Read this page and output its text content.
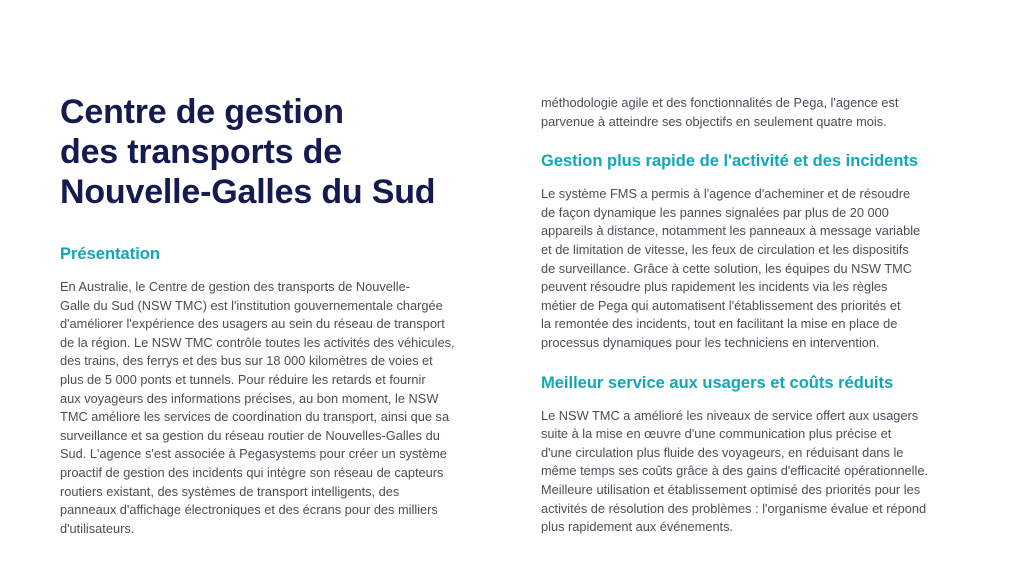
Centre de gestion
des transports de
Nouvelle-Galles du Sud
Présentation

En Australie, le Centre de gestion des transports de Nouvelle-
Galle du Sud (NSW TMC) est l'institution gouvernementale chargée
d'améliorer l'expérience des usagers au sein du réseau de transport
de la région. Le NSW TMC contrôle toutes les activités des véhicules,
des trains, des ferrys et des bus sur 18 000 kilomètres de voies et
plus de 5 000 ponts et tunnels. Pour réduire les retards et fournir
aux voyageurs des informations précises, au bon moment, le NSW
TMC améliore les services de coordination du transport, ainsi que sa
surveillance et sa gestion du réseau routier de Nouvelles-Galles du
Sud. L'agence s'est associée à Pegasystems pour créer un système
proactif de gestion des incidents qui intègre son réseau de capteurs
routiers existant, des systèmes de transport intelligents, des
panneaux d'affichage électroniques et des écrans pour des milliers
d'utilisateurs.

méthodologie agile et des fonctionnalités de Pega, l'agence est
parvenue à atteindre ses objectifs en seulement quatre mois.

Gestion plus rapide de l'activité et des incidents

Le système FMS a permis à l'agence d'acheminer et de résoudre
de façon dynamique les pannes signalées par plus de 20 000
appareils à distance, notamment les panneaux à message variable
et de limitation de vitesse, les feux de circulation et les dispositifs
de surveillance. Grâce à cette solution, les équipes du NSW TMC
peuvent résoudre plus rapidement les incidents via les règles
métier de Pega qui automatisent l'établissement des priorités et
la remontée des incidents, tout en facilitant la mise en place de
processus dynamiques pour les techniciens en intervention.

Meilleur service aux usagers et coûts réduits

Le NSW TMC a amélioré les niveaux de service offert aux usagers
suite à la mise en œuvre d'une communication plus précise et
d'une circulation plus fluide des voyageurs, en réduisant dans le
même temps ses coûts grâce à des gains d'efficacité opérationnelle.
Meilleure utilisation et établissement optimisé des priorités pour les
activités de résolution des problèmes : l'organisme évalue et répond
plus rapidement aux événements.
